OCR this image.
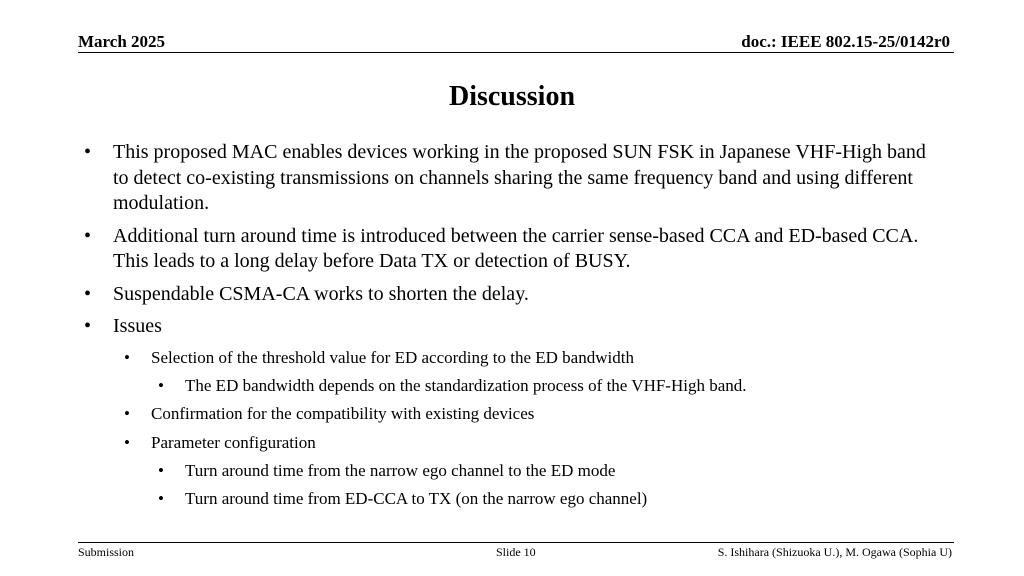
March 2025	doc.: IEEE 802.15-25/0142r0
Discussion
• This proposed MAC enables devices working in the proposed SUN FSK in Japanese VHF-High band to detect co-existing transmissions on channels sharing the same frequency band and using different modulation.
• Additional turn around time is introduced between the carrier sense-based CCA and ED-based CCA. This leads to a long delay before Data TX or detection of BUSY.
• Suspendable CSMA-CA works to shorten the delay.
• Issues
• Selection of the threshold value for ED according to the ED bandwidth
• The ED bandwidth depends on the standardization process of the VHF-High band.
• Confirmation for the compatibility with existing devices
• Parameter configuration
• Turn around time from the narrow ego channel to the ED mode
• Turn around time from ED-CCA to TX (on the narrow ego channel)
Submission	Slide 10	S. Ishihara (Shizuoka U.), M. Ogawa (Sophia U)
